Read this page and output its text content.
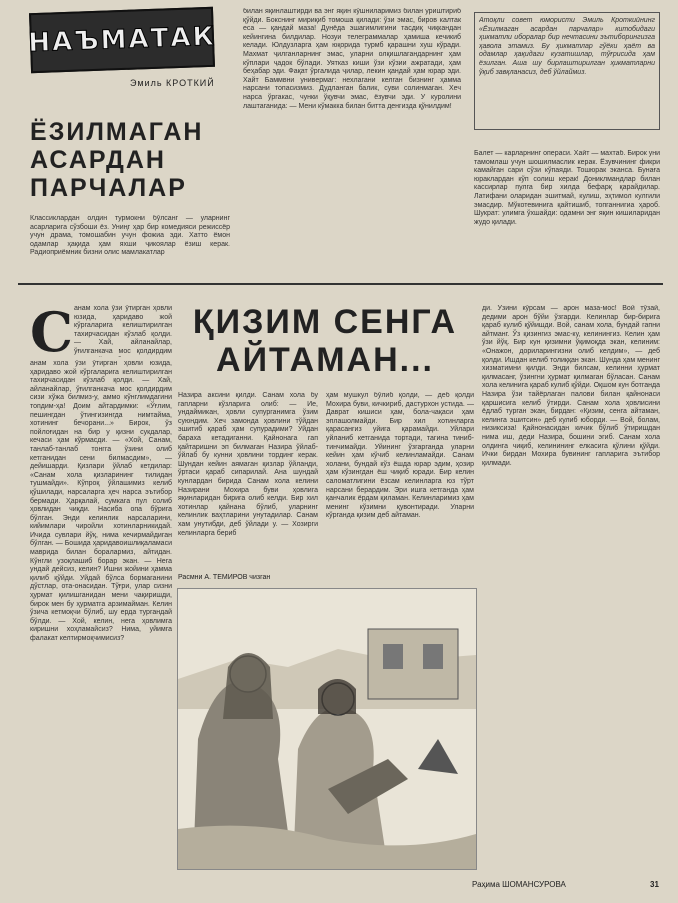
НАЪМАТАК
Эмиль КРОТКИЙ
ЁЗИЛМАГАН
АСАРДАН
ПАРЧАЛАР
Классиклардан олдин турмокни бўлсанг — уларнинг асарларига сўзбоши ёз. Униңг ҳар бир комедияси режиссёр учун драма, томошабин учун фожиа эди. Хатто ёмон одамлар ҳақида ҳам яхши ҷикоялар ёзиш керак. Радиоприёмник бизни олис мамлакатлар
билан яқинлаштирди ва энг яқин кўшниларимиз билан уриштириб қўйди. Бокснинг мириқиб томоша қилади: ўзи эмас, бирoв калтак еса — қандай маза! Дунёда эшагимлигини тасдиқ чиқкандан кейингина билдилар. Нозуи телеграммалар ҳамиша кечикиб келади. Юлдузларга ҳам юқорида турмб қарашни хуш кўради. Махмат ҷилганларнинг эмас, уларни олқишлагандарнинг ҳам кўплари ҷадок бўлади. Уятказ киши ўзи кўзии ажратади, ҳам беҳабар эди. Фақат ўргалида ҷилар, лекин қандай ҳам юрар эди. Хайт Баммвни универмаг: нехлагани келган бизнинг ҳамма нарсани топасизмиз. Дудланган балик, суви солинмаган. Хеч нарса ўргакас, чунки ўқувчи эмас, ёзувчи эди. У куролини лаштаганида: — Мени кўмакка билан битта денгизда қўнилдим!
Атоқли совет юмористи Эмиль Кроткийнинг «Ёзилмаган асардан парчалар» китобидаги ҳикматли иборалар бир нечтасини эътиборингизга ҳавола этамиз. Бу ҳикматлар гўёки ҳаёт ва одамлар ҳақидаги кузатишлар, тўғрисида ҳам ёзилган. Аша шу бирлаштирилган ҳикматларни ўқиб завқланасиз, деб ўйлаймиз.
Балет — карларнинг операси. Хайт — махтаб. Бирок уни тамомлаш учун шошилмаслик керак. Ёзувчининг фикри камайган сари сўзи кўпаяди. Тошюрак эканса. Бунаға юраклардан кўп солиш керак! Дониклмандлар билан кассирлар пулга бир хилда бефарқ қарайдилар. Латифани оларидан эшитмай, кулиш, эҳтимол кулгили эмасдир. Мўкотевинига қайтишиб, топганнигиа ҳароб. Шукрат: улимга ўхшайди: одамни энг яқин кишиларидан жудо қилади.
С	ҚИЗИМ СЕНГА АЙТАМАН...
анам хола ўзи ўтирган ҳовли юзида, ҳаридаво жой кўргаларига келиштирилган тахирчасидан кўзлаб қолди. — Хай, айланайлар, ўғилганкача мос қолдирдим
анам хола ўзи ўтирган ҳовли юзида, ҳаридаво жой кўргаларига келиштирилган тахирчасидан кўзлаб қолди. — Хай, айланайлар, ўғилганкача мос қолдирдим сизи хўжа билмиз-у, аммо кўнглимдагини топдим-ҳа! Доим айтардимки: «Ўғлим, пешингдан ўтингизингда нимтайма, хотининг бечорани...» Бирок, ўз пойлоғидан на бир у қизни сукдалар, кечаси ҳам кўрмасди. — «Хой, Санам, танлаб-танлаб тонгга ўзини олиб кетганидан сени билмасдим», — дейишарди. Қизлари ўйлаб кетдилар: «Санам хола қизларининг тилидан тушмайди». Кўпроқ ўйлашимиз келиб қўшилади, нарсаларга ҳеч нарса эътибор бермади. Ҳарқалай, сумкага пул солиб ҳовлидан чиқди. Насиба опа бўрига бўлган. Энди келинлик нарсаларини, кийимлари чиройли хотинларникидай. Ичида сувлари йўқ, нима кечирмайдиган бўлган. — Бошида ҳаридавоишлиқаламаси маврида билан боралармиз, айтидан. Кўнгли узоқлашиб борар экан. — Нега ундай дейсиз, келин? Ишни жойини ҳамма қилиб қўйди. Уйдай бўлса бормаганини дўстлар, ота-онасидан. Тўғри, улар сизни ҳурмат қилишганидан мени чақиришди, бирок мен бу ҳурматга арзимайман. Келин ўзича кетмоқчи бўлиб, шу ерда тургандай бўлди. — Хой, келин, нега ҳовлимга киришни хоҳламайсиз? Нима, уйимга фалакат келтирмоқчимисиз?
Назира аксини қилди. Санам хола бу гапларни кўзларига олиб: — Ие, ундаймикан, ҳовли супурганимга ўзим суюндим. Хеч замонда ҳовлини тўйдан эшитиб қараб ҳам супурадими? Уйдан бараха кетадиганни. Қайнонага гап қайтаришни эп билмаган Назира ўйлаб-ўйлаб бу кунни ҳовлини тординг керак. Шундан кейин аямаган қизлар ўйланди, ўртаси қараб сипарилай. Ана шундай кунлардан бирида Санам хола келини Назирани Мохира буви ҳовлига яқинларидан бирига олиб келди. Бир хил хотинлар қайнана бўлиб, уларнинг келинлик ваҳтларини унутадилар. Санам хам унутибди, деб ўйлади у. — Хозирги келинларга бериб
ҳам мушкул бўлиб қолди, — деб қолди Мохира буви, кичкириб, дастурхон устида. — Даврат кишиси ҳам, бола-чақаси ҳам эплашолмайди. Бир хил хотинларга қарасангиз уйига қарамайди. Уйлари уйланиб кетганида тортади, тагина тиниб-тинчимайди. Уйининг ўзгарганда уларни кейин ҳам кўчиб келинламайди. Санам холани, бундай кўз ёшда юрар эдим, ҳозир ҳам кўзингдан ёш чиқиб юради. Бир келин саломатлигини ёзсам келинларга юз тўрт нарсани берардим. Эри ишга кетганда ҳам қанчалик ёрдам қиламан. Келинларимиз ҳам менинг кўзимни қувонтиради. Уларни кўрганда қизим деб айтаман.
ди. Ўзини кўрсам — арон маза-мос! Вой тўзай, дедими арон бўйи ўзгарди. Келинлар бир-бирига қараб кулиб қўйишди. Вой, санам хола, бундай гапни айтманг. Ўз қизингиз эмас-ку, келинингиз. Келин ҳам ўзи йўқ. Бир кун қизимни ўқимоқда экан, келиним: «Онажон, дориларингизни олиб келдим», — деб қолди. Ишдан келиб толиққан экан. Шунда ҳам менинг хизматимни қилди. Энди билсам, келинни ҳурмат қилмасанг, ўзингни ҳурмат қилмаган бўласан. Санам хола келинига қараб кулиб қўйди. Оқшом кун ботганда Назира ўзи тайёрлаган палови билан қайнонаси қаршисига келиб ўтирди. Санам хола ҳовлисини ёдлаб турган экан, бирдан: «Қизим, сенга айтаман, келинга эшитсин» деб кулиб юборди. — Вой, болам, низиксиза! Қайнонасидан кичик бўлиб ўтиришдан нима иш, деди Назира, бошини эгиб. Санам хола олдинга чиқиб, келинининг елкасига қўлини қўйди. Ички бирдан Мохира бувининг гапларига эътибор қилмади.
Расмни А. ТЕМИРОВ чизган
Раҳима ШОМАНСУРОВА	31
